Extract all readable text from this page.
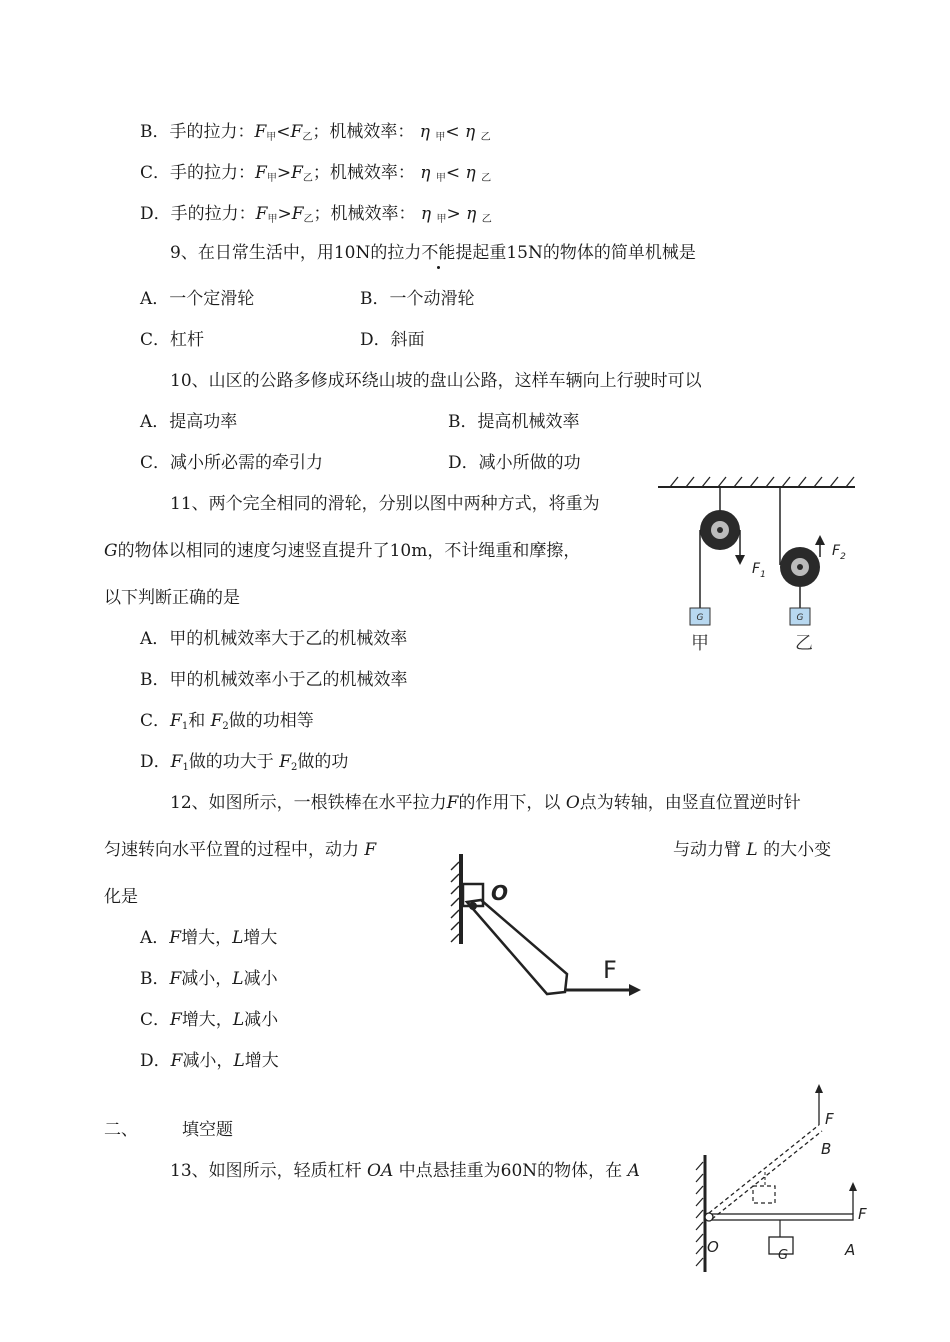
B．手的拉力：F甲<F乙；机械效率： η 甲< η 乙
C．手的拉力：F甲>F乙；机械效率： η 甲< η 乙
D．手的拉力：F甲>F乙；机械效率： η 甲> η 乙
9、在日常生活中，用10N的拉力不能提起重15N的物体的简单机械是
A．一个定滑轮	B．一个动滑轮
C．杠杆	D．斜面
10、山区的公路多修成环绕山坡的盘山公路，这样车辆向上行驶时可以
A．提高功率	B．提高机械效率
C．减小所必需的牵引力	D．减小所做的功
11、两个完全相同的滑轮，分别以图中两种方式，将重为
G的物体以相同的速度匀速竖直提升了10m，不计绳重和摩擦，
以下判断正确的是
A．甲的机械效率大于乙的机械效率
B．甲的机械效率小于乙的机械效率
C．F1和 F2做的功相等
D．F1做的功大于 F2做的功
$F_1$
G
甲
$F_2$
G
乙
12、如图所示，一根铁棒在水平拉力F的作用下，以 O点为转轴，由竖直位置逆时针
匀速转向水平位置的过程中，动力 F	与动力臂 L 的大小变
化是
A．F增大，L增大
B．F减小，L减小
C．F增大，L减小
D．F减小，L增大
O
F
二、	填空题
13、如图所示，轻质杠杆 OA 中点悬挂重为60N的物体，在 A
G
F
B
F
O	A
